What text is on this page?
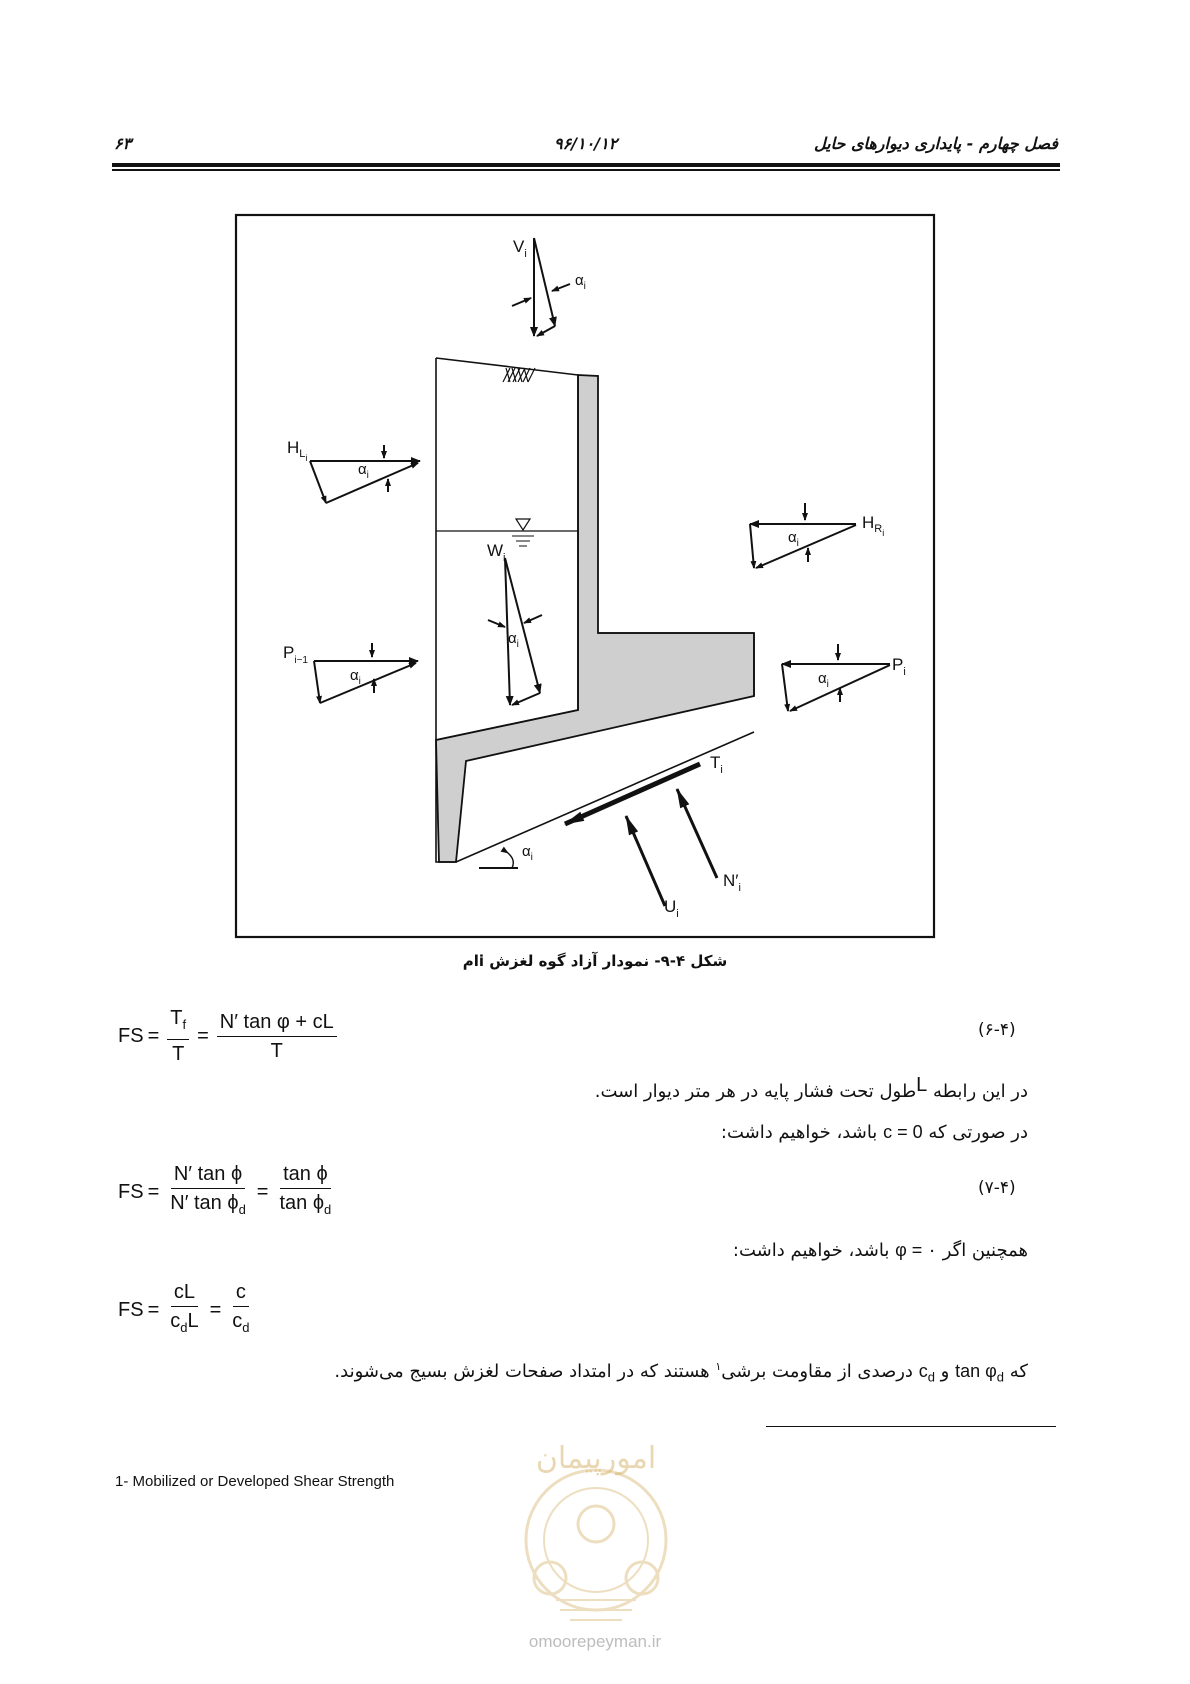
۶۳	۹۶/۱۰/۱۲	فصل چهارم - پایداری دیوارهای حایل
$V_i$
$\alpha_i$
$H_{Li}$
$\alpha_i$
$H_{Ri}$
$\alpha_i$
$W_i$
$\alpha_i$
$P_{i-1}$
$\alpha_i$
$P_i$
$\alpha_i$
$T_i$
$N'_i$
$U_i$
$\alpha_i$
شکل ۴-۹- نمودار آزاد گوه لغزش iام
FS = $\frac{T_f}{T} = \frac{\text{N′ tan φ + cL}}{T}$	(۶-۴)
در این رابطه Lطول تحت فشار پایه در هر متر دیوار است.
در صورتی که c = 0 باشد، خواهیم داشت:
FS = $\frac{\text{N′ tan ϕ}}{N' \tan \phi_d} = \frac{\text{tan ϕ}}{\tan \phi_d}$	(۷-۴)
همچنین اگر φ = ۰ باشد، خواهیم داشت:
FS = $\frac{cL}{c_dL} = \frac{c}{c_d}$
که $\tan \varphi_d$ و $c_d$ درصدی از مقاومت برشی$^۱$ هستند که در امتداد صفحات لغزش بسیج می‌شوند.
1- Mobilized or Developed Shear Strength
امورپیمان
omoorepeyman.ir
